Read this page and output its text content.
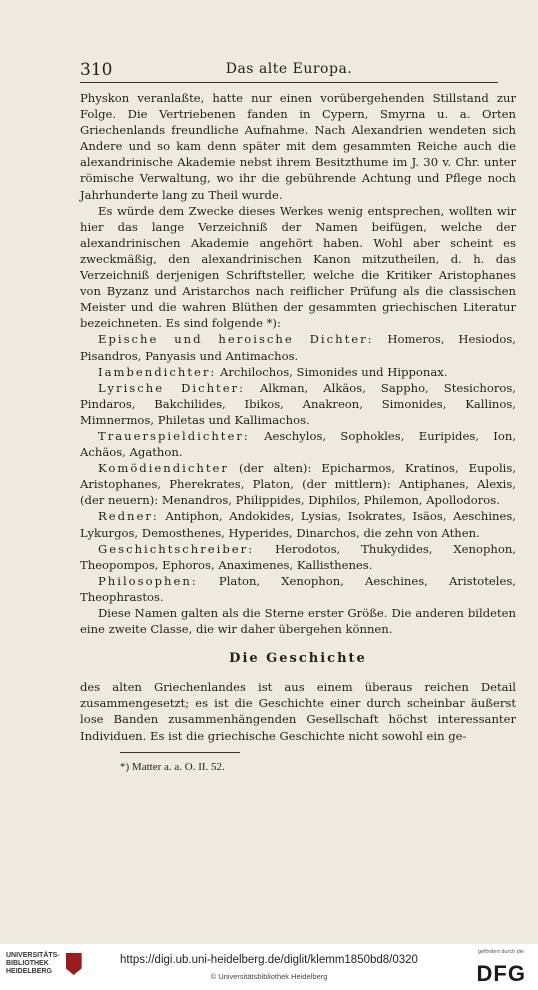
310	Das alte Europa.

Physkon veranlaßte, hatte nur einen vorübergehenden Stillstand zur Folge. Die Vertriebenen fanden in Cypern, Smyrna u. a. Orten Griechenlands freundliche Aufnahme. Nach Alexandrien wendeten sich Andere und so kam denn später mit dem gesammten Reiche auch die alexandrinische Akademie nebst ihrem Besitzthume im J. 30 v. Chr. unter römische Verwaltung, wo ihr die gebührende Achtung und Pflege noch Jahrhunderte lang zu Theil wurde.

Es würde dem Zwecke dieses Werkes wenig entsprechen, wollten wir hier das lange Verzeichniß der Namen beifügen, welche der alexandrinischen Akademie angehört haben. Wohl aber scheint es zweckmäßig, den alexandrinischen Kanon mitzutheilen, d. h. das Verzeichniß derjenigen Schriftsteller, welche die Kritiker Aristophanes von Byzanz und Aristarchos nach reiflicher Prüfung als die classischen Meister und die wahren Blüthen der gesammten griechischen Literatur bezeichneten. Es sind folgende *):

Epische und heroische Dichter: Homeros, Hesiodos, Pisandros, Panyasis und Antimachos.

Iambendichter: Archilochos, Simonides und Hipponax.

Lyrische Dichter: Alkman, Alkäos, Sappho, Stesichoros, Pindaros, Bakchilides, Ibikos, Anakreon, Simonides, Kallinos, Mimnermos, Philetas und Kallimachos.

Trauerspieldichter: Aeschylos, Sophokles, Euripides, Ion, Achäos, Agathon.

Komödiendichter (der alten): Epicharmos, Kratinos, Eupolis, Aristophanes, Pherekrates, Platon, (der mittlern): Antiphanes, Alexis, (der neuern): Menandros, Philippides, Diphilos, Philemon, Apollodoros.

Redner: Antiphon, Andokides, Lysias, Isokrates, Isäos, Aeschines, Lykurgos, Demosthenes, Hyperides, Dinarchos, die zehn von Athen.

Geschichtschreiber: Herodotos, Thukydides, Xenophon, Theopompos, Ephoros, Anaximenes, Kallisthenes.

Philosophen: Platon, Xenophon, Aeschines, Aristoteles, Theophrastos.

Diese Namen galten als die Sterne erster Größe. Die anderen bildeten eine zweite Classe, die wir daher übergehen können.

Die Geschichte

des alten Griechenlandes ist aus einem überaus reichen Detail zusammengesetzt; es ist die Geschichte einer durch scheinbar äußerst lose Banden zusammenhängenden Gesellschaft höchst interessanter Individuen. Es ist die griechische Geschichte nicht sowohl ein ge-

*) Matter a. a. O. II. 52.
UNIVERSITÄTS-
BIBLIOTHEK
HEIDELBERG
https://digi.ub.uni-heidelberg.de/diglit/klemm1850bd8/0320
© Universitätsbibliothek Heidelberg
gefördert durch die
DFG
